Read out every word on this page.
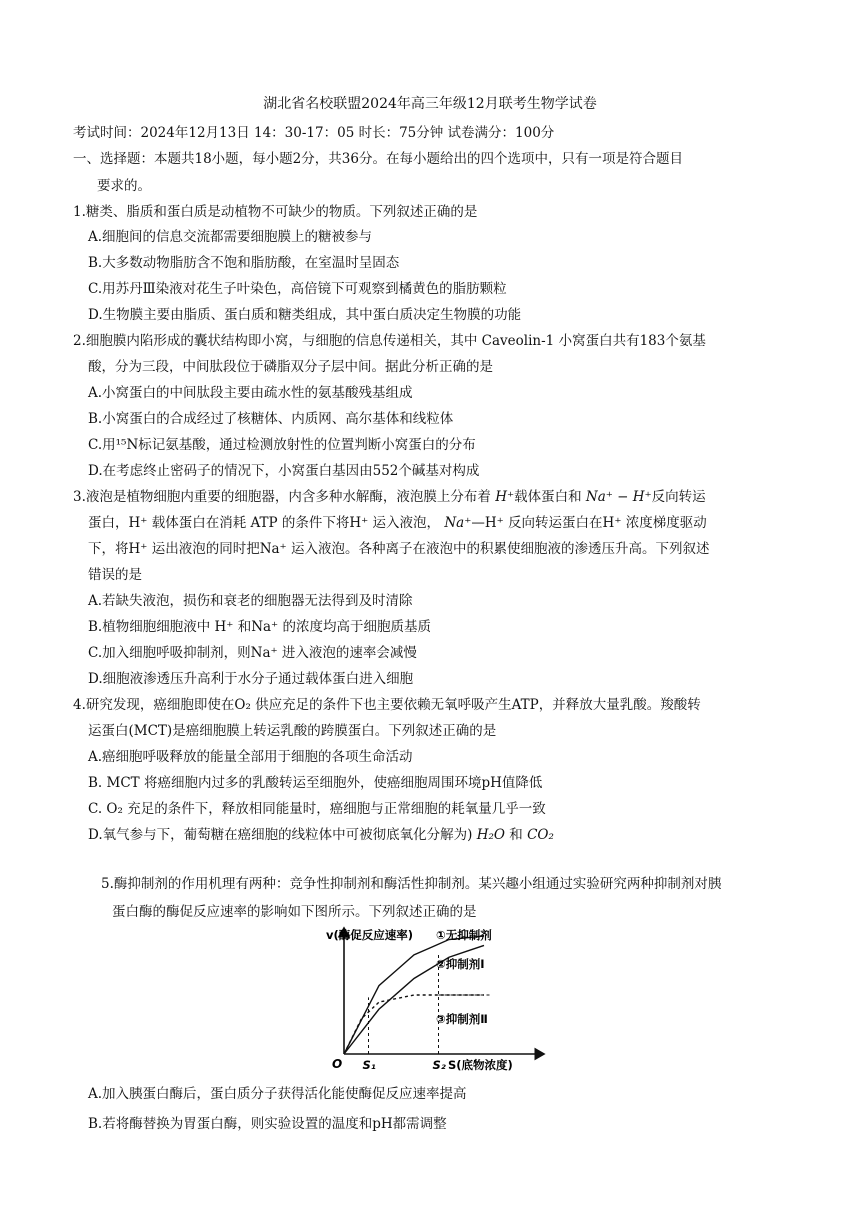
湖北省名校联盟2024年高三年级12月联考生物学试卷
考试时间：2024年12月13日 14：30-17：05 时长：75分钟 试卷满分：100分
一、选择题：本题共18小题，每小题2分，共36分。在每小题给出的四个选项中，只有一项是符合题目
要求的。
1.糖类、脂质和蛋白质是动植物不可缺少的物质。下列叙述正确的是
A.细胞间的信息交流都需要细胞膜上的糖被参与
B.大多数动物脂肪含不饱和脂肪酸，在室温时呈固态
C.用苏丹Ⅲ染液对花生子叶染色，高倍镜下可观察到橘黄色的脂肪颗粒
D.生物膜主要由脂质、蛋白质和糖类组成，其中蛋白质决定生物膜的功能
2.细胞膜内陷形成的囊状结构即小窝，与细胞的信息传递相关，其中 Caveolin-1 小窝蛋白共有183个氨基
酸，分为三段，中间肽段位于磷脂双分子层中间。据此分析正确的是
A.小窝蛋白的中间肽段主要由疏水性的氨基酸残基组成
B.小窝蛋白的合成经过了核糖体、内质网、高尔基体和线粒体
C.用¹⁵N标记氨基酸，通过检测放射性的位置判断小窝蛋白的分布
D.在考虑终止密码子的情况下，小窝蛋白基因由552个碱基对构成
3.液泡是植物细胞内重要的细胞器，内含多种水解酶，液泡膜上分布着 H⁺载体蛋白和 Na⁺ − H⁺反向转运
蛋白，H⁺ 载体蛋白在消耗 ATP 的条件下将H⁺ 运入液泡， Na⁺—H⁺ 反向转运蛋白在H⁺ 浓度梯度驱动
下，将H⁺ 运出液泡的同时把Na⁺ 运入液泡。各种离子在液泡中的积累使细胞液的渗透压升高。下列叙述
错误的是
A.若缺失液泡，损伤和衰老的细胞器无法得到及时清除
B.植物细胞细胞液中 H⁺ 和Na⁺ 的浓度均高于细胞质基质
C.加入细胞呼吸抑制剂，则Na⁺ 进入液泡的速率会减慢
D.细胞液渗透压升高利于水分子通过载体蛋白进入细胞
4.研究发现，癌细胞即使在O₂ 供应充足的条件下也主要依赖无氧呼吸产生ATP，并释放大量乳酸。羧酸转
运蛋白(MCT)是癌细胞膜上转运乳酸的跨膜蛋白。下列叙述正确的是
A.癌细胞呼吸释放的能量全部用于细胞的各项生命活动
B. MCT 将癌细胞内过多的乳酸转运至细胞外，使癌细胞周围环境pH值降低
C. O₂ 充足的条件下，释放相同能量时，癌细胞与正常细胞的耗氧量几乎一致
D.氧气参与下，葡萄糖在癌细胞的线粒体中可被彻底氧化分解为) H₂O 和 CO₂
5.酶抑制剂的作用机理有两种：竞争性抑制剂和酶活性抑制剂。某兴趣小组通过实验研究两种抑制剂对胰
蛋白酶的酶促反应速率的影响如下图所示。下列叙述正确的是
v(酶促反应速率)
S(底物浓度)
O S₁	S₂
①无抑制剂
②抑制剂Ⅰ
③抑制剂Ⅱ
A.加入胰蛋白酶后，蛋白质分子获得活化能使酶促反应速率提高
B.若将酶替换为胃蛋白酶，则实验设置的温度和pH都需调整
